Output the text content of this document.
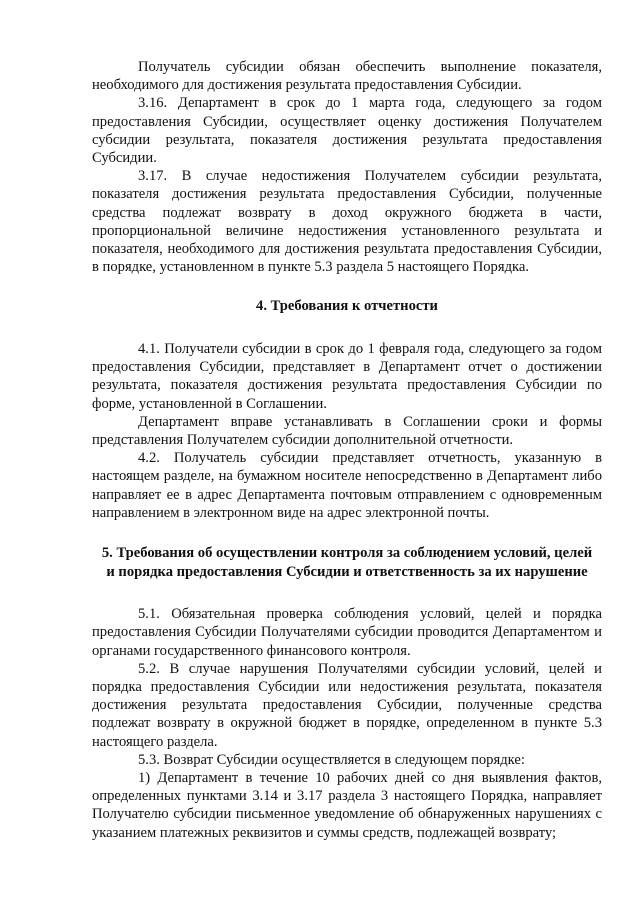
Получатель субсидии обязан обеспечить выполнение показателя, необходимого для достижения результата предоставления Субсидии.

3.16. Департамент в срок до 1 марта года, следующего за годом предоставления Субсидии, осуществляет оценку достижения Получателем субсидии результата, показателя достижения результата предоставления Субсидии.

3.17. В случае недостижения Получателем субсидии результата, показателя достижения результата предоставления Субсидии, полученные средства подлежат возврату в доход окружного бюджета в части, пропорциональной величине недостижения установленного результата и показателя, необходимого для достижения результата предоставления Субсидии, в порядке, установленном в пункте 5.3 раздела 5 настоящего Порядка.

4. Требования к отчетности

4.1. Получатели субсидии в срок до 1 февраля года, следующего за годом предоставления Субсидии, представляет в Департамент отчет о достижении результата, показателя достижения результата предоставления Субсидии по форме, установленной в Соглашении.

Департамент вправе устанавливать в Соглашении сроки и формы представления Получателем субсидии дополнительной отчетности.

4.2. Получатель субсидии представляет отчетность, указанную в настоящем разделе, на бумажном носителе непосредственно в Департамент либо направляет ее в адрес Департамента почтовым отправлением с одновременным направлением в электронном виде на адрес электронной почты.

5. Требования об осуществлении контроля за соблюдением условий, целей
и порядка предоставления Субсидии и ответственность за их нарушение

5.1. Обязательная проверка соблюдения условий, целей и порядка предоставления Субсидии Получателями субсидии проводится Департаментом и органами государственного финансового контроля.

5.2. В случае нарушения Получателями субсидии условий, целей и порядка предоставления Субсидии или недостижения результата, показателя достижения результата предоставления Субсидии, полученные средства подлежат возврату в окружной бюджет в порядке, определенном в пункте 5.3 настоящего раздела.

5.3. Возврат Субсидии осуществляется в следующем порядке:

1) Департамент в течение 10 рабочих дней со дня выявления фактов, определенных пунктами 3.14 и 3.17 раздела 3 настоящего Порядка, направляет Получателю субсидии письменное уведомление об обнаруженных нарушениях с указанием платежных реквизитов и суммы средств, подлежащей возврату;
